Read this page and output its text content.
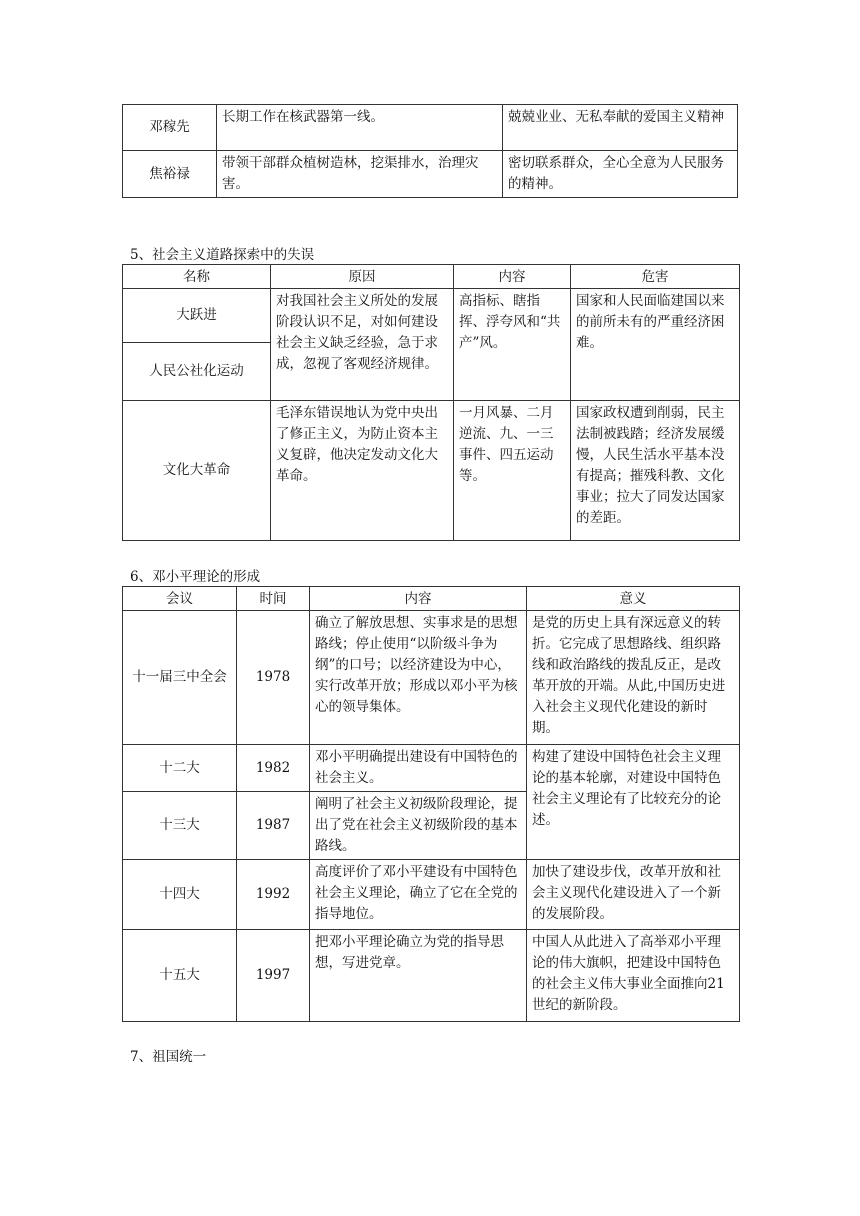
邓稼先	长期工作在核武器第一线。	兢兢业业、无私奉献的爱国主义精神
焦裕禄	带领干部群众植树造林，挖渠排水，治理灾害。	密切联系群众，全心全意为人民服务的精神。
5、社会主义道路探索中的失误
名称	原因	内容	危害
大跃进	对我国社会主义所处的发展阶段认识不足，对如何建设社会主义缺乏经验，急于求成，忽视了客观经济规律。	高指标、瞎指挥、浮夸风和“共产”风。	国家和人民面临建国以来的前所未有的严重经济困难。
人民公社化运动			
文化大革命	毛泽东错误地认为党中央出了修正主义，为防止资本主义复辟，他决定发动文化大革命。	一月风暴、二月逆流、九、一三事件、四五运动等。	国家政权遭到削弱，民主法制被践踏；经济发展缓慢，人民生活水平基本没有提高；摧残科教、文化事业；拉大了同发达国家的差距。
6、邓小平理论的形成
会议	时间	内容	意义
十一届三中全会	1978	确立了解放思想、实事求是的思想路线；停止使用“以阶级斗争为纲”的口号；以经济建设为中心，实行改革开放；形成以邓小平为核心的领导集体。	是党的历史上具有深远意义的转折。它完成了思想路线、组织路线和政治路线的拨乱反正，是改革开放的开端。从此,中国历史进入社会主义现代化建设的新时期。
十二大	1982	邓小平明确提出建设有中国特色的社会主义。	构建了建设中国特色社会主义理论的基本轮廓，对建设中国特色社会主义理论有了比较充分的论述。
十三大	1987	阐明了社会主义初级阶段理论，提出了党在社会主义初级阶段的基本路线。	
十四大	1992	高度评价了邓小平建设有中国特色社会主义理论，确立了它在全党的指导地位。	加快了建设步伐，改革开放和社会主义现代化建设进入了一个新的发展阶段。
十五大	1997	把邓小平理论确立为党的指导思想，写进党章。	中国人从此进入了高举邓小平理论的伟大旗帜，把建设中国特色的社会主义伟大事业全面推向21世纪的新阶段。
7、祖国统一
